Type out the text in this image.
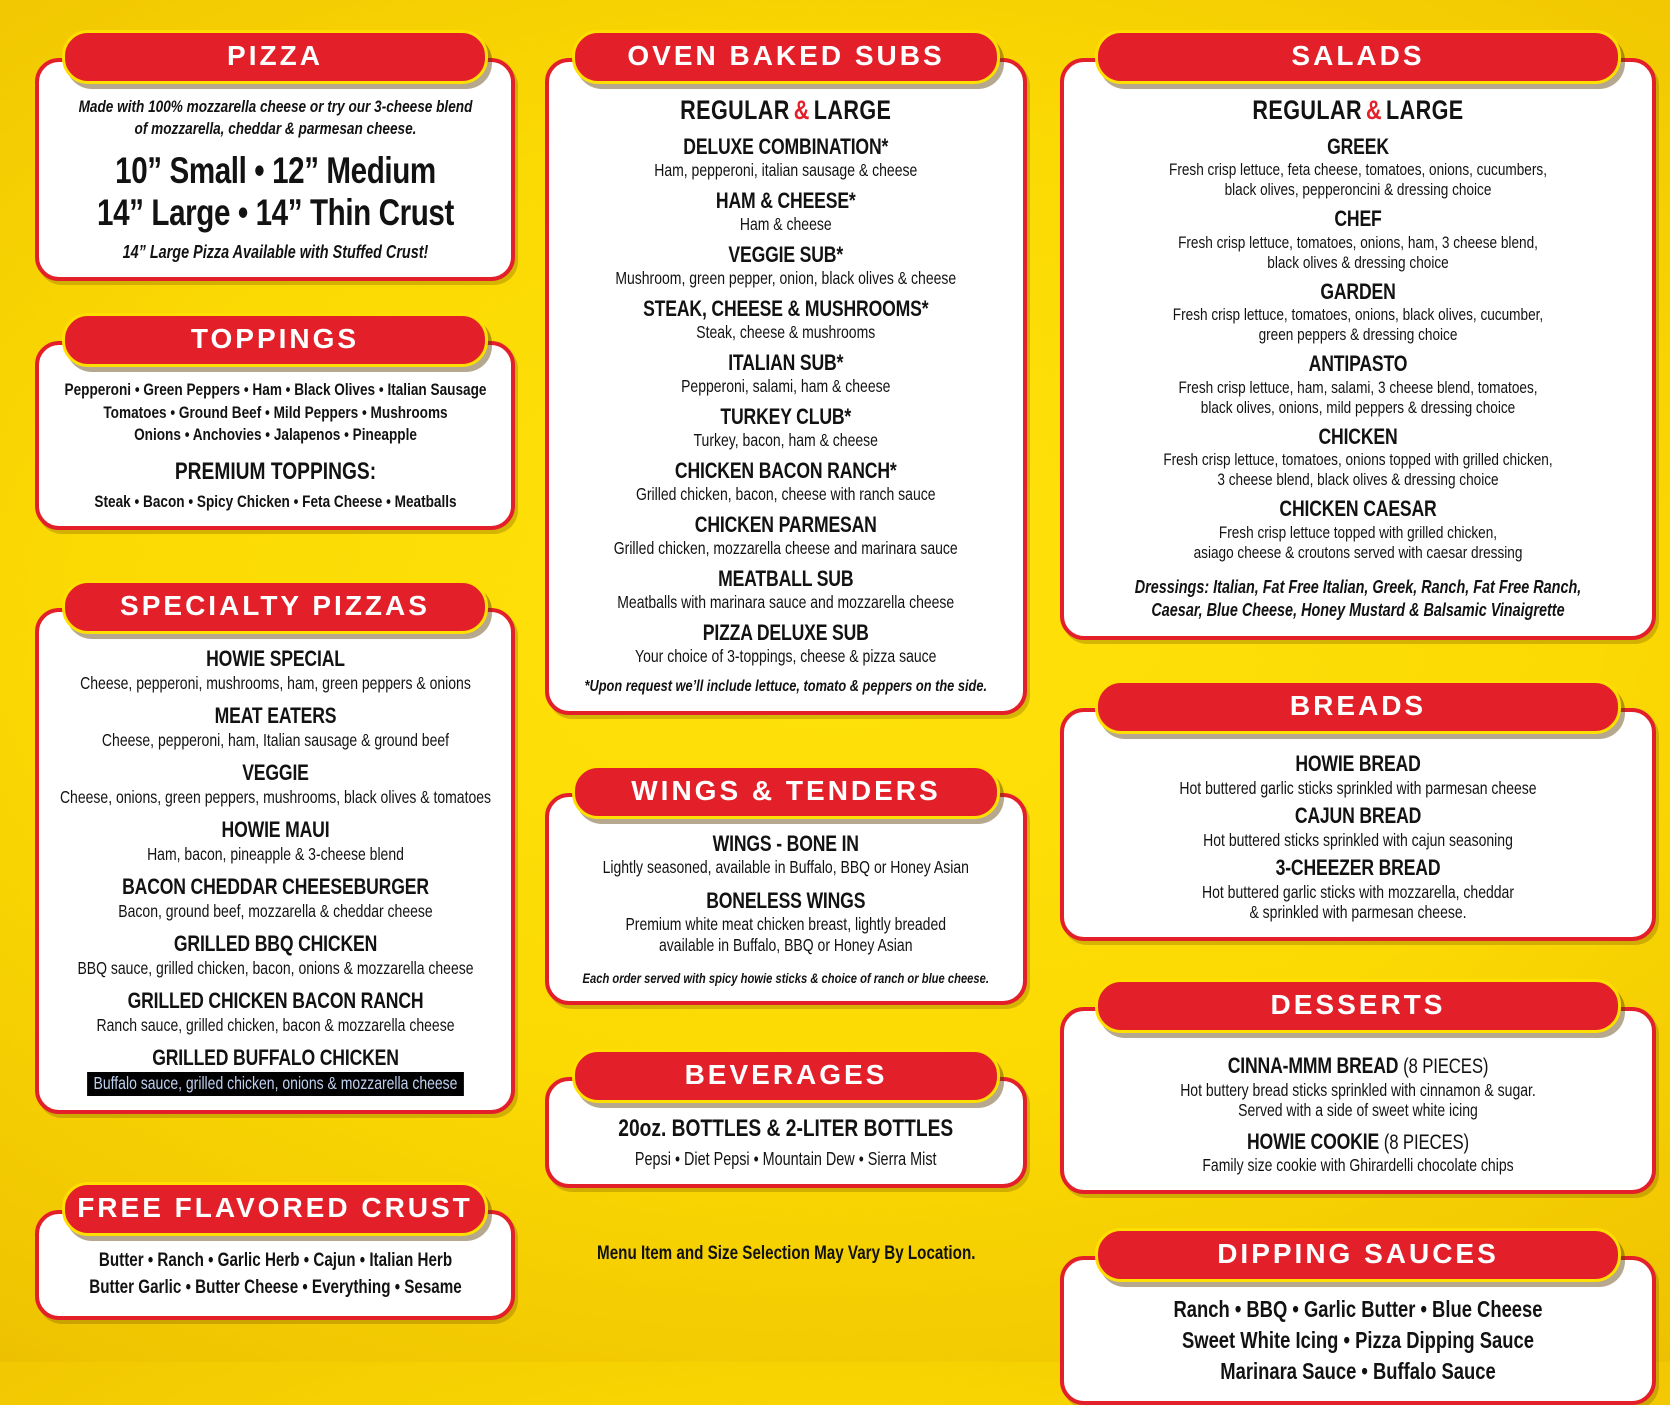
PIZZA
Made with 100% mozzarella cheese or try our 3-cheese blend
of mozzarella, cheddar & parmesan cheese.
10” Small • 12” Medium
14” Large • 14” Thin Crust
14” Large Pizza Available with Stuffed Crust!
TOPPINGS
Pepperoni • Green Peppers • Ham • Black Olives • Italian Sausage
Tomatoes • Ground Beef • Mild Peppers • Mushrooms
Onions • Anchovies • Jalapenos • Pineapple
PREMIUM TOPPINGS:
Steak • Bacon • Spicy Chicken • Feta Cheese • Meatballs
SPECIALTY PIZZAS
HOWIE SPECIAL
Cheese, pepperoni, mushrooms, ham, green peppers & onions
MEAT EATERS
Cheese, pepperoni, ham, Italian sausage & ground beef
VEGGIE
Cheese, onions, green peppers, mushrooms, black olives & tomatoes
HOWIE MAUI
Ham, bacon, pineapple & 3-cheese blend
BACON CHEDDAR CHEESEBURGER
Bacon, ground beef, mozzarella & cheddar cheese
GRILLED BBQ CHICKEN
BBQ sauce, grilled chicken, bacon, onions & mozzarella cheese
GRILLED CHICKEN BACON RANCH
Ranch sauce, grilled chicken, bacon & mozzarella cheese
GRILLED BUFFALO CHICKEN
Buffalo sauce, grilled chicken, onions & mozzarella cheese
FREE FLAVORED CRUST
Butter • Ranch • Garlic Herb • Cajun • Italian Herb
Butter Garlic • Butter Cheese • Everything • Sesame
OVEN BAKED SUBS
REGULAR & LARGE
DELUXE COMBINATION*
Ham, pepperoni, italian sausage & cheese
HAM & CHEESE*
Ham & cheese
VEGGIE SUB*
Mushroom, green pepper, onion, black olives & cheese
STEAK, CHEESE & MUSHROOMS*
Steak, cheese & mushrooms
ITALIAN SUB*
Pepperoni, salami, ham & cheese
TURKEY CLUB*
Turkey, bacon, ham & cheese
CHICKEN BACON RANCH*
Grilled chicken, bacon, cheese with ranch sauce
CHICKEN PARMESAN
Grilled chicken, mozzarella cheese and marinara sauce
MEATBALL SUB
Meatballs with marinara sauce and mozzarella cheese
PIZZA DELUXE SUB
Your choice of 3-toppings, cheese & pizza sauce
*Upon request we’ll include lettuce, tomato & peppers on the side.
WINGS & TENDERS
WINGS - BONE IN
Lightly seasoned, available in Buffalo, BBQ or Honey Asian
BONELESS WINGS
Premium white meat chicken breast, lightly breaded
available in Buffalo, BBQ or Honey Asian
Each order served with spicy howie sticks & choice of ranch or blue cheese.
BEVERAGES
20oz. BOTTLES & 2-LITER BOTTLES
Pepsi • Diet Pepsi • Mountain Dew • Sierra Mist
Menu Item and Size Selection May Vary By Location.
SALADS
REGULAR & LARGE
GREEK
Fresh crisp lettuce, feta cheese, tomatoes, onions, cucumbers,
black olives, pepperoncini & dressing choice
CHEF
Fresh crisp lettuce, tomatoes, onions, ham, 3 cheese blend,
black olives & dressing choice
GARDEN
Fresh crisp lettuce, tomatoes, onions, black olives, cucumber,
green peppers & dressing choice
ANTIPASTO
Fresh crisp lettuce, ham, salami, 3 cheese blend, tomatoes,
black olives, onions, mild peppers & dressing choice
CHICKEN
Fresh crisp lettuce, tomatoes, onions topped with grilled chicken,
3 cheese blend, black olives & dressing choice
CHICKEN CAESAR
Fresh crisp lettuce topped with grilled chicken,
asiago cheese & croutons served with caesar dressing
Dressings: Italian, Fat Free Italian, Greek, Ranch, Fat Free Ranch,
Caesar, Blue Cheese, Honey Mustard & Balsamic Vinaigrette
BREADS
HOWIE BREAD
Hot buttered garlic sticks sprinkled with parmesan cheese
CAJUN BREAD
Hot buttered sticks sprinkled with cajun seasoning
3-CHEEZER BREAD
Hot buttered garlic sticks with mozzarella, cheddar
& sprinkled with parmesan cheese.
DESSERTS
CINNA-MMM BREAD (8 PIECES)
Hot buttery bread sticks sprinkled with cinnamon & sugar.
Served with a side of sweet white icing
HOWIE COOKIE (8 PIECES)
Family size cookie with Ghirardelli chocolate chips
DIPPING SAUCES
Ranch • BBQ • Garlic Butter • Blue Cheese
Sweet White Icing • Pizza Dipping Sauce
Marinara Sauce • Buffalo Sauce
